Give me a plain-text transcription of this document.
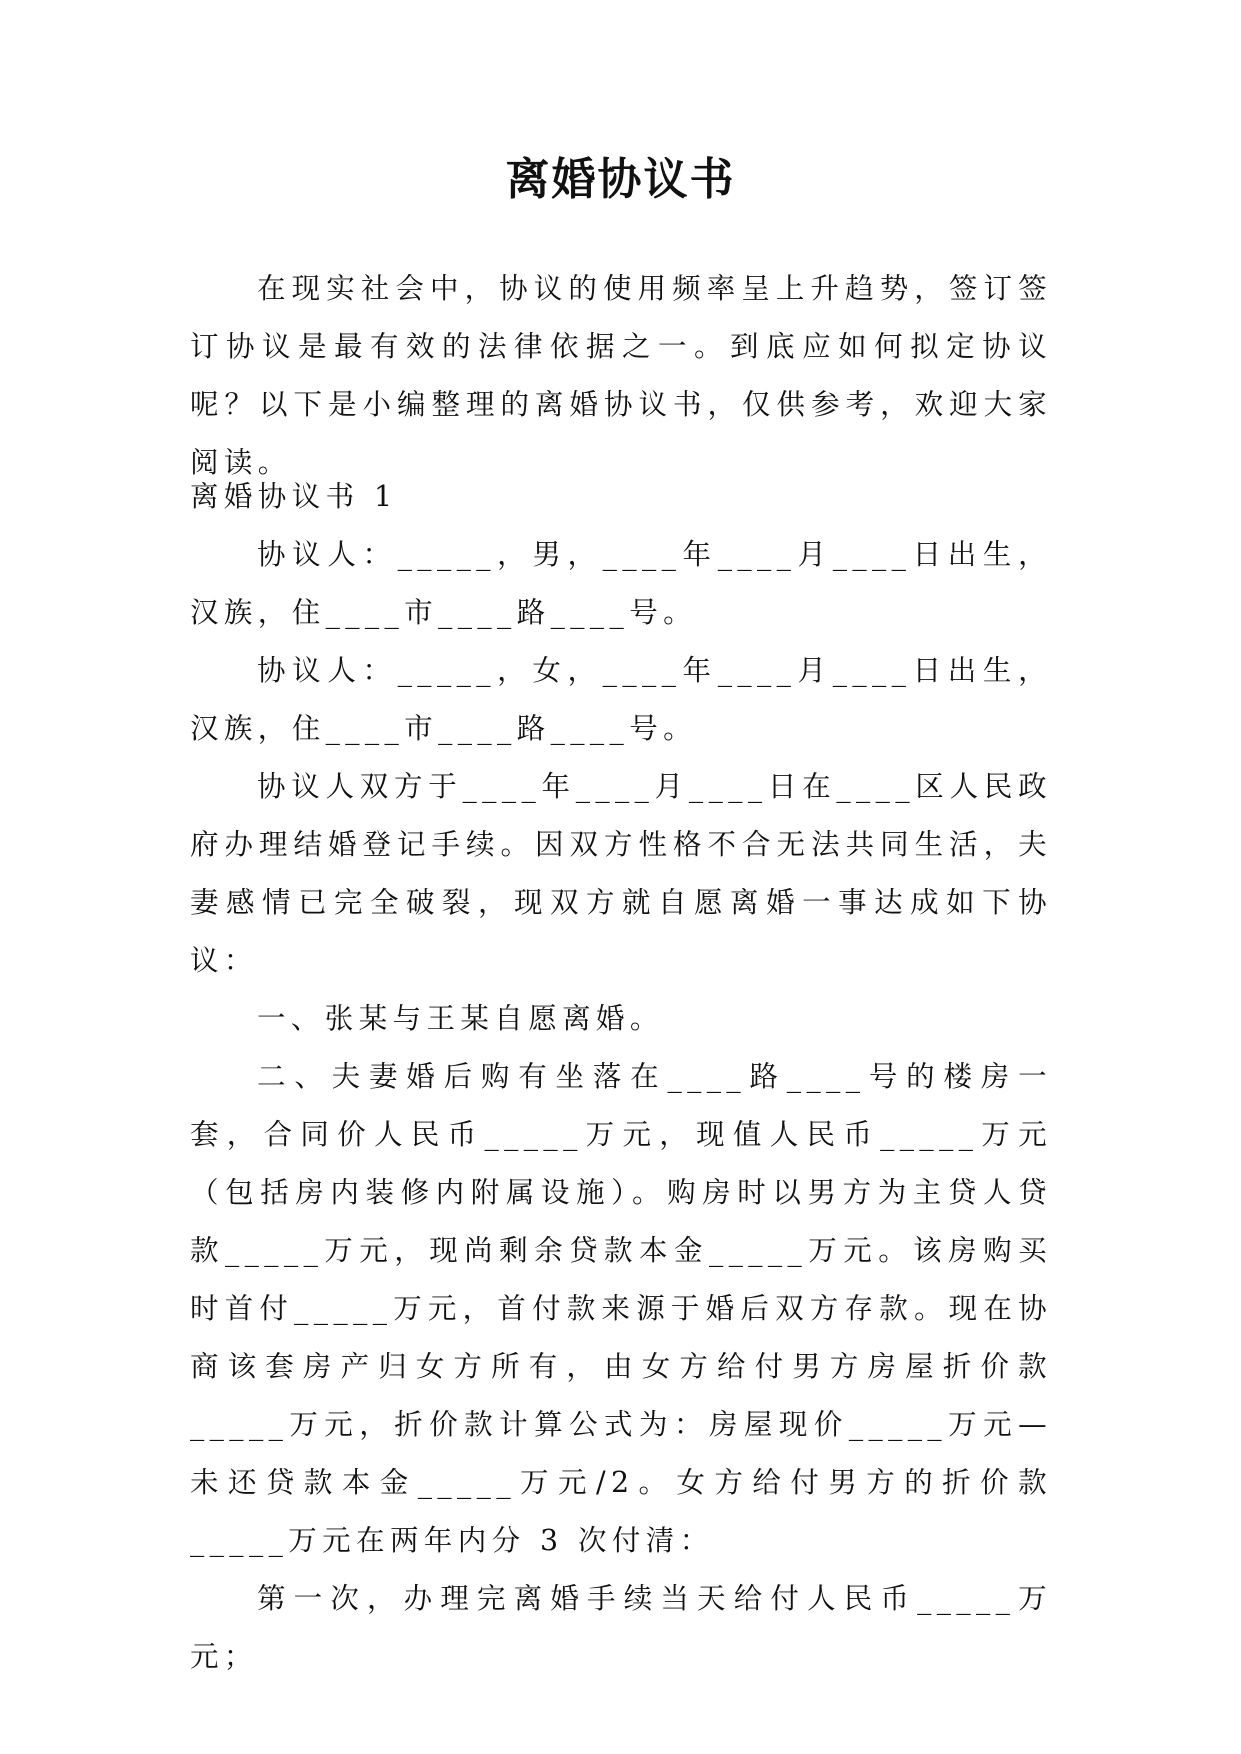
离婚协议书

在现实社会中，协议的使用频率呈上升趋势，签订签订协议是最有效的法律依据之一。到底应如何拟定协议呢？以下是小编整理的离婚协议书，仅供参考，欢迎大家阅读。

离婚协议书 1

协议人：_____，男，____年____月____日出生，汉族，住____市____路____号。

协议人：_____，女，____年____月____日出生，汉族，住____市____路____号。

协议人双方于____年____月____日在____区人民政府办理结婚登记手续。因双方性格不合无法共同生活，夫妻感情已完全破裂，现双方就自愿离婚一事达成如下协议：

一、张某与王某自愿离婚。

二、夫妻婚后购有坐落在____路____号的楼房一套，合同价人民币_____万元，现值人民币_____万元（包括房内装修内附属设施）。购房时以男方为主贷人贷款_____万元，现尚剩余贷款本金_____万元。该房购买时首付_____万元，首付款来源于婚后双方存款。现在协商该套房产归女方所有，由女方给付男方房屋折价款_____万元，折价款计算公式为：房屋现价_____万元—未还贷款本金_____万元/2。女方给付男方的折价款_____万元在两年内分 3 次付清：

第一次，办理完离婚手续当天给付人民币_____万元；
